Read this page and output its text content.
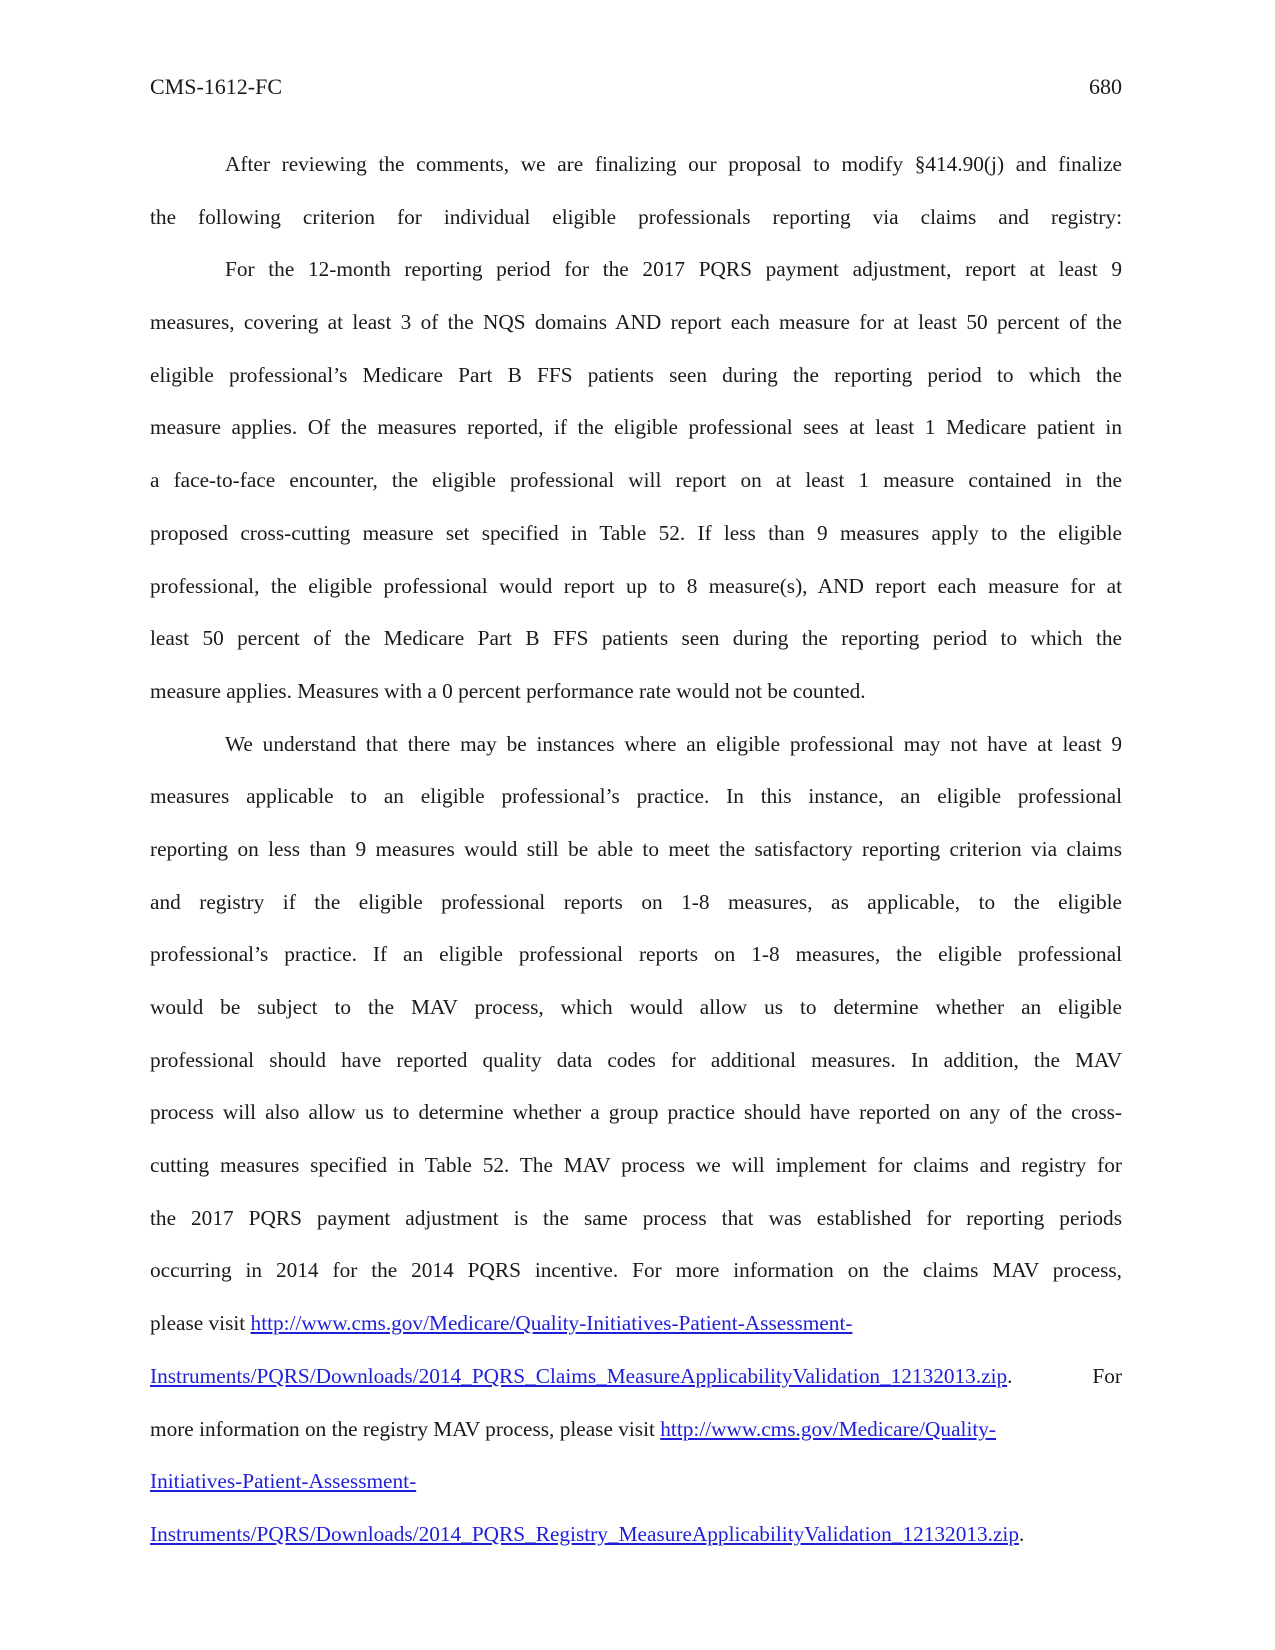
CMS-1612-FC	680
After reviewing the comments, we are finalizing our proposal to modify §414.90(j) and finalize
the following criterion for individual eligible professionals reporting via claims and registry:
For the 12-month reporting period for the 2017 PQRS payment adjustment, report at least 9
measures, covering at least 3 of the NQS domains AND report each measure for at least 50 percent of the
eligible professional’s Medicare Part B FFS patients seen during the reporting period to which the
measure applies. Of the measures reported, if the eligible professional sees at least 1 Medicare patient in
a face-to-face encounter, the eligible professional will report on at least 1 measure contained in the
proposed cross-cutting measure set specified in Table 52. If less than 9 measures apply to the eligible
professional, the eligible professional would report up to 8 measure(s), AND report each measure for at
least 50 percent of the Medicare Part B FFS patients seen during the reporting period to which the
measure applies. Measures with a 0 percent performance rate would not be counted.
We understand that there may be instances where an eligible professional may not have at least 9
measures applicable to an eligible professional’s practice. In this instance, an eligible professional
reporting on less than 9 measures would still be able to meet the satisfactory reporting criterion via claims
and registry if the eligible professional reports on 1-8 measures, as applicable, to the eligible
professional’s practice. If an eligible professional reports on 1-8 measures, the eligible professional
would be subject to the MAV process, which would allow us to determine whether an eligible
professional should have reported quality data codes for additional measures. In addition, the MAV
process will also allow us to determine whether a group practice should have reported on any of the cross-
cutting measures specified in Table 52. The MAV process we will implement for claims and registry for
the 2017 PQRS payment adjustment is the same process that was established for reporting periods
occurring in 2014 for the 2014 PQRS incentive. For more information on the claims MAV process,
please visit http://www.cms.gov/Medicare/Quality-Initiatives-Patient-Assessment-
Instruments/PQRS/Downloads/2014_PQRS_Claims_MeasureApplicabilityValidation_12132013.zip. For
more information on the registry MAV process, please visit http://www.cms.gov/Medicare/Quality-
Initiatives-Patient-Assessment-
Instruments/PQRS/Downloads/2014_PQRS_Registry_MeasureApplicabilityValidation_12132013.zip.
